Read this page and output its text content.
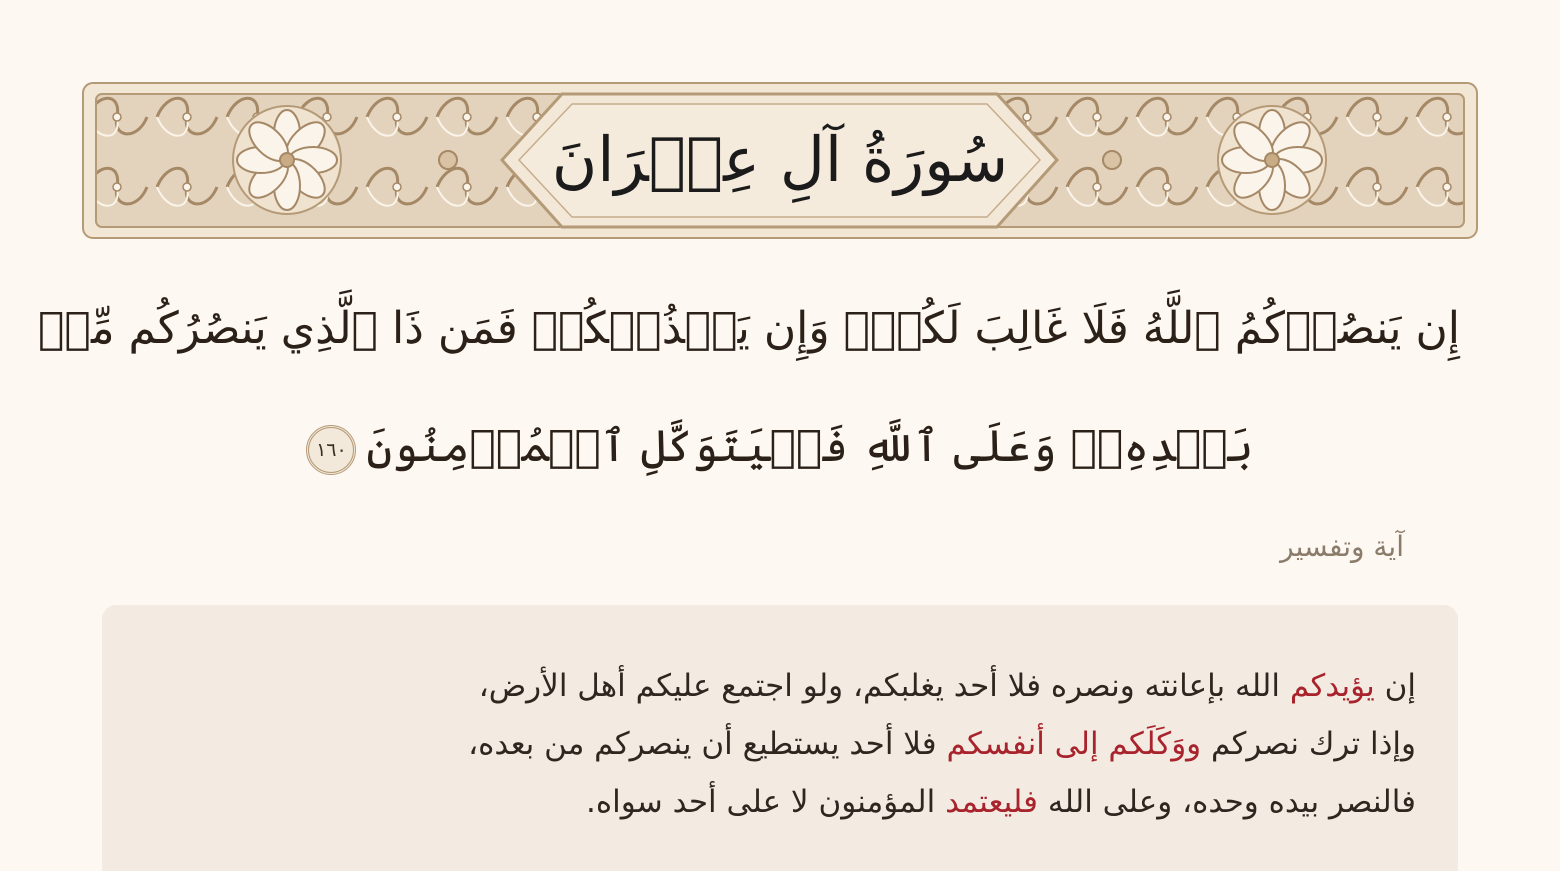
سُورَةُ آلِ عِمۡرَانَ
إِن يَنصُرۡكُمُ ٱللَّهُ فَلَا غَالِبَ لَكُمۡۖ وَإِن يَخۡذُلۡكُمۡ فَمَن ذَا ٱلَّذِي يَنصُرُكُم مِّنۢ
بَعۡدِهِۦۗ وَعَلَى ٱللَّهِ فَلۡيَتَوَكَّلِ ٱلۡمُؤۡمِنُونَ١٦٠
آية وتفسير
إن يؤيدكم الله بإعانته ونصره فلا أحد يغلبكم، ولو اجتمع عليكم أهل الأرض،
وإذا ترك نصركم ووَكَلَكم إلى أنفسكم فلا أحد يستطيع أن ينصركم من بعده،
فالنصر بيده وحده، وعلى الله فليعتمد المؤمنون لا على أحد سواه.
